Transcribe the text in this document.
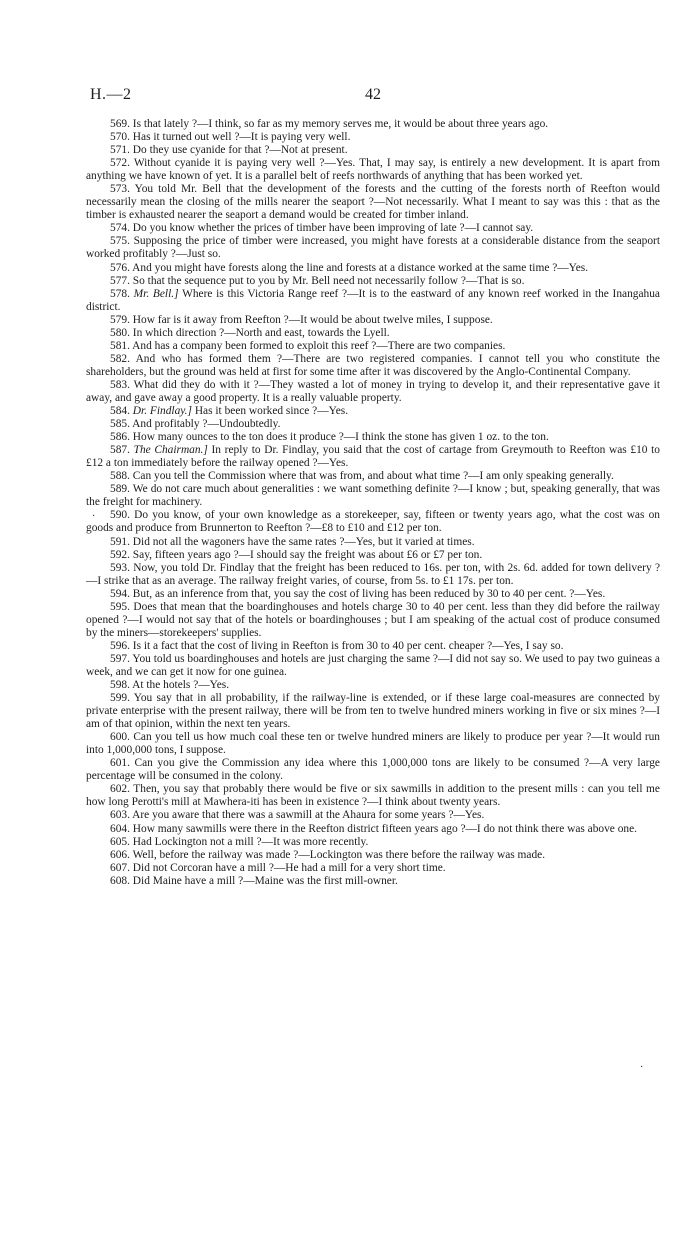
H.—2	42

569. Is that lately ?—I think, so far as my memory serves me, it would be about three years ago.

570. Has it turned out well ?—It is paying very well.

571. Do they use cyanide for that ?—Not at present.

572. Without cyanide it is paying very well ?—Yes. That, I may say, is entirely a new development. It is apart from anything we have known of yet. It is a parallel belt of reefs northwards of anything that has been worked yet.

573. You told Mr. Bell that the development of the forests and the cutting of the forests north of Reefton would necessarily mean the closing of the mills nearer the seaport ?—Not necessarily. What I meant to say was this : that as the timber is exhausted nearer the seaport a demand would be created for timber inland.

574. Do you know whether the prices of timber have been improving of late ?—I cannot say.

575. Supposing the price of timber were increased, you might have forests at a considerable distance from the seaport worked profitably ?—Just so.

576. And you might have forests along the line and forests at a distance worked at the same time ?—Yes.

577. So that the sequence put to you by Mr. Bell need not necessarily follow ?—That is so.

578. Mr. Bell.] Where is this Victoria Range reef ?—It is to the eastward of any known reef worked in the Inangahua district.

579. How far is it away from Reefton ?—It would be about twelve miles, I suppose.

580. In which direction ?—North and east, towards the Lyell.

581. And has a company been formed to exploit this reef ?—There are two companies.

582. And who has formed them ?—There are two registered companies. I cannot tell you who constitute the shareholders, but the ground was held at first for some time after it was discovered by the Anglo-Continental Company.

583. What did they do with it ?—They wasted a lot of money in trying to develop it, and their representative gave it away, and gave away a good property. It is a really valuable property.

584. Dr. Findlay.] Has it been worked since ?—Yes.

585. And profitably ?—Undoubtedly.

586. How many ounces to the ton does it produce ?—I think the stone has given 1 oz. to the ton.

587. The Chairman.] In reply to Dr. Findlay, you said that the cost of cartage from Greymouth to Reefton was £10 to £12 a ton immediately before the railway opened ?—Yes.

588. Can you tell the Commission where that was from, and about what time ?—I am only speaking generally.

589. We do not care much about generalities : we want something definite ?—I know ; but, speaking generally, that was the freight for machinery.

590. Do you know, of your own knowledge as a storekeeper, say, fifteen or twenty years ago, what the cost was on goods and produce from Brunnerton to Reefton ?—£8 to £10 and £12 per ton.

591. Did not all the wagoners have the same rates ?—Yes, but it varied at times.

592. Say, fifteen years ago ?—I should say the freight was about £6 or £7 per ton.

593. Now, you told Dr. Findlay that the freight has been reduced to 16s. per ton, with 2s. 6d. added for town delivery ?—I strike that as an average. The railway freight varies, of course, from 5s. to £1 17s. per ton.

594. But, as an inference from that, you say the cost of living has been reduced by 30 to 40 per cent. ?—Yes.

595. Does that mean that the boardinghouses and hotels charge 30 to 40 per cent. less than they did before the railway opened ?—I would not say that of the hotels or boardinghouses ; but I am speaking of the actual cost of produce consumed by the miners—storekeepers' supplies.

596. Is it a fact that the cost of living in Reefton is from 30 to 40 per cent. cheaper ?—Yes, I say so.

597. You told us boardinghouses and hotels are just charging the same ?—I did not say so. We used to pay two guineas a week, and we can get it now for one guinea.

598. At the hotels ?—Yes.

599. You say that in all probability, if the railway-line is extended, or if these large coal-measures are connected by private enterprise with the present railway, there will be from ten to twelve hundred miners working in five or six mines ?—I am of that opinion, within the next ten years.

600. Can you tell us how much coal these ten or twelve hundred miners are likely to produce per year ?—It would run into 1,000,000 tons, I suppose.

601. Can you give the Commission any idea where this 1,000,000 tons are likely to be consumed ?—A very large percentage will be consumed in the colony.

602. Then, you say that probably there would be five or six sawmills in addition to the present mills : can you tell me how long Perotti's mill at Mawhera-iti has been in existence ?—I think about twenty years.

603. Are you aware that there was a sawmill at the Ahaura for some years ?—Yes.

604. How many sawmills were there in the Reefton district fifteen years ago ?—I do not think there was above one.

605. Had Lockington not a mill ?—It was more recently.

606. Well, before the railway was made ?—Lockington was there before the railway was made.

607. Did not Corcoran have a mill ?—He had a mill for a very short time.

608. Did Maine have a mill ?—Maine was the first mill-owner.

·
·
